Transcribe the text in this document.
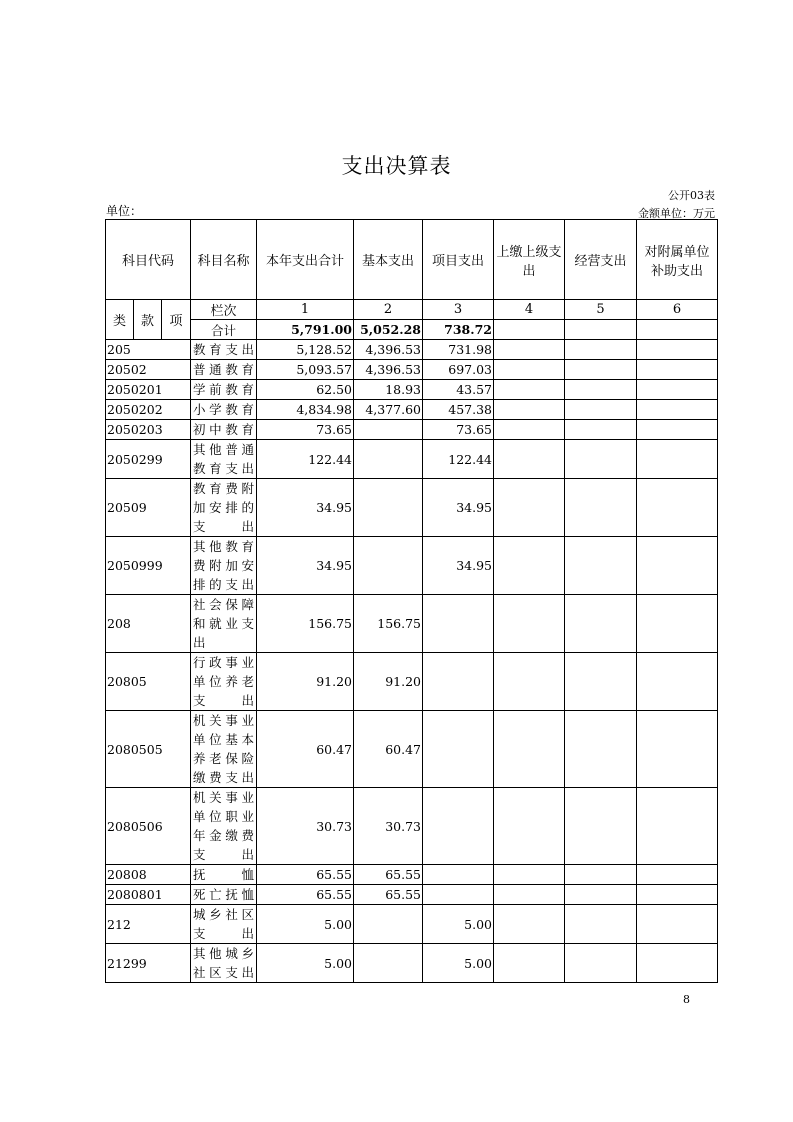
支出决算表
公开03表
单位：	金额单位：万元
科目代码			科目名称	本年支出合计	基本支出	项目支出	上缴上级支出	经营支出	对附属单位补助支出
类	款	项	栏次	1	2	3	4	5	6
			合计	5,791.00	5,052.28	738.72			
205			教育支出	5,128.52	4,396.53	731.98			
20502			普通教育	5,093.57	4,396.53	697.03			
2050201			学前教育	62.50	18.93	43.57			
2050202			小学教育	4,834.98	4,377.60	457.38			
2050203			初中教育	73.65		73.65			
2050299			其他普通教育支出	122.44		122.44			
20509			教育费附加安排的支出	34.95		34.95			
2050999			其他教育费附加安排的支出	34.95		34.95			
208			社会保障和就业支出	156.75	156.75				
20805			行政事业单位养老支出	91.20	91.20				
2080505			机关事业单位基本养老保险缴费支出	60.47	60.47				
2080506			机关事业单位职业年金缴费支出	30.73	30.73				
20808			抚恤	65.55	65.55				
2080801			死亡抚恤	65.55	65.55				
212			城乡社区支出	5.00		5.00			
21299			其他城乡社区支出	5.00		5.00			
8
